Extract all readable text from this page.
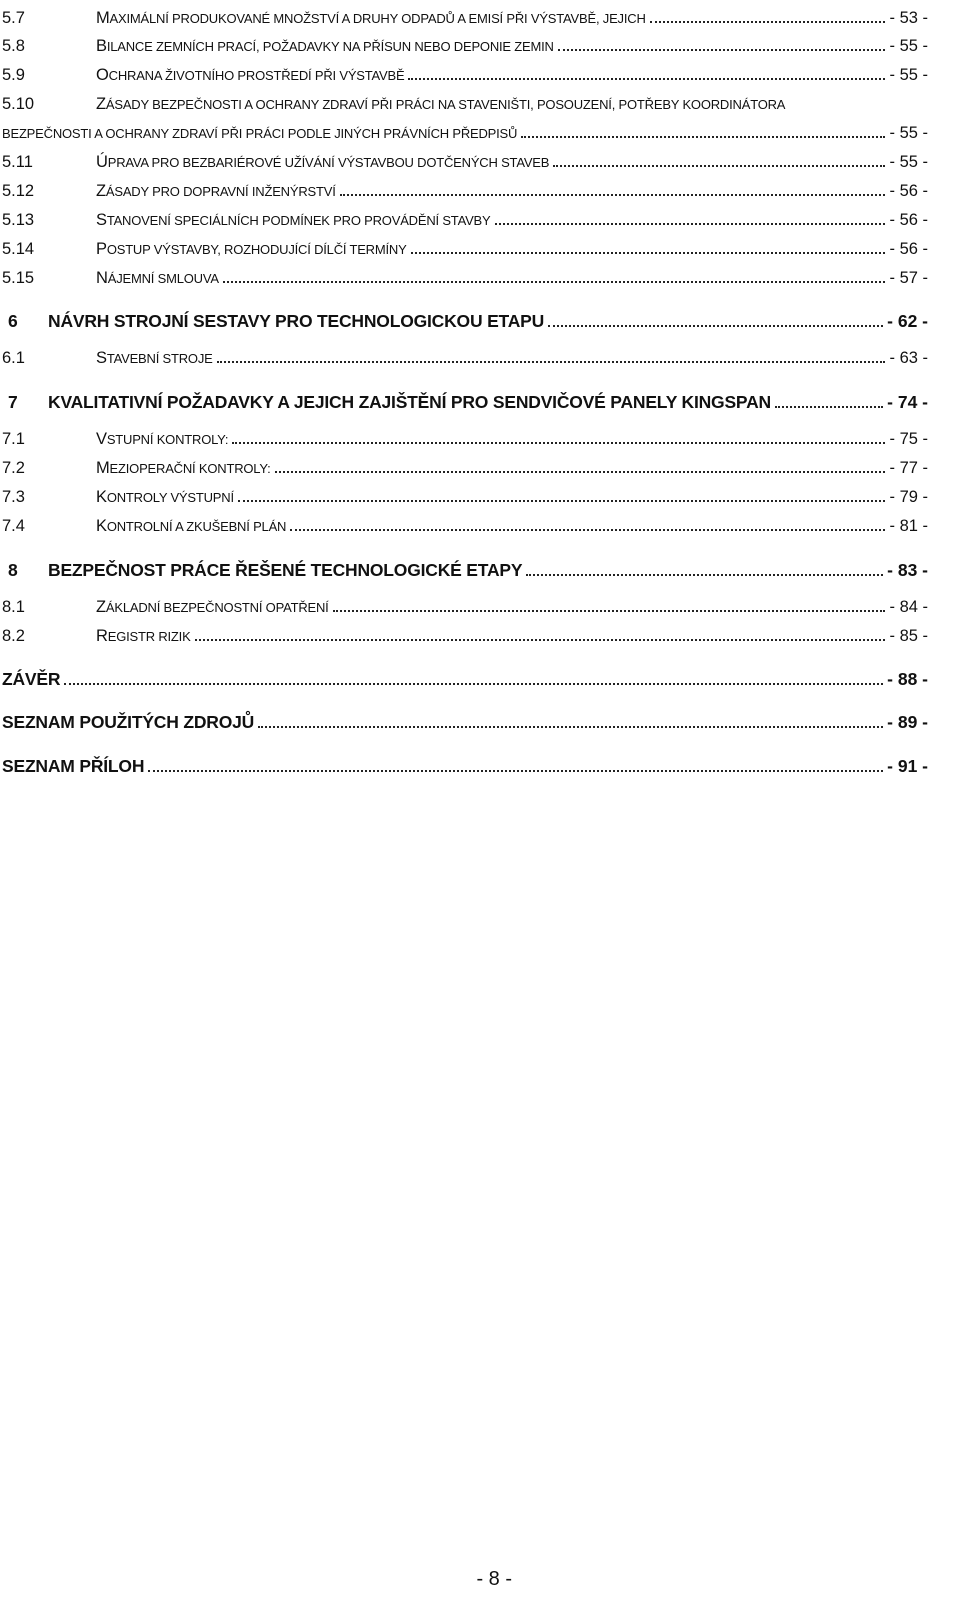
5.7	MAXIMÁLNÍ PRODUKOVANÉ MNOŽSTVÍ A DRUHY ODPADŮ A EMISÍ PŘI VÝSTAVBĚ, JEJICH	- 53 -
5.8	BILANCE ZEMNÍCH PRACÍ, POŽADAVKY NA PŘÍSUN NEBO DEPONIE ZEMIN	- 55 -
5.9	OCHRANA ŽIVOTNÍHO PROSTŘEDÍ PŘI VÝSTAVBĚ	- 55 -
5.10	ZÁSADY BEZPEČNOSTI A OCHRANY ZDRAVÍ PŘI PRÁCI NA STAVENIŠTI, POSOUZENÍ, POTŘEBY KOORDINÁTORA
BEZPEČNOSTI A OCHRANY ZDRAVÍ PŘI PRÁCI PODLE JINÝCH PRÁVNÍCH PŘEDPISŮ	- 55 -
5.11	ÚPRAVA PRO BEZBARIÉROVÉ UŽÍVÁNÍ VÝSTAVBOU DOTČENÝCH STAVEB	- 55 -
5.12	ZÁSADY PRO DOPRAVNÍ INŽENÝRSTVÍ	- 56 -
5.13	STANOVENÍ SPECIÁLNÍCH PODMÍNEK PRO PROVÁDĚNÍ STAVBY	- 56 -
5.14	POSTUP VÝSTAVBY, ROZHODUJÍCÍ DÍLČÍ TERMÍNY	- 56 -
5.15	NÁJEMNÍ SMLOUVA	- 57 -
6 NÁVRH STROJNÍ SESTAVY PRO TECHNOLOGICKOU ETAPU	- 62 -
6.1	STAVEBNÍ STROJE	- 63 -
7 KVALITATIVNÍ POŽADAVKY A JEJICH ZAJIŠTĚNÍ PRO SENDVIČOVÉ PANELY KINGSPAN	- 74 -
7.1	VSTUPNÍ KONTROLY:	- 75 -
7.2	MEZIOPERAČNÍ KONTROLY:	- 77 -
7.3	KONTROLY VÝSTUPNÍ	- 79 -
7.4	KONTROLNÍ A ZKUŠEBNÍ PLÁN	- 81 -
8 BEZPEČNOST PRÁCE ŘEŠENÉ TECHNOLOGICKÉ ETAPY	- 83 -
8.1	ZÁKLADNÍ BEZPEČNOSTNÍ OPATŘENÍ	- 84 -
8.2	REGISTR RIZIK	- 85 -
ZÁVĚR	- 88 -
SEZNAM POUŽITÝCH ZDROJŮ	- 89 -
SEZNAM PŘÍLOH	- 91 -
- 8 -
